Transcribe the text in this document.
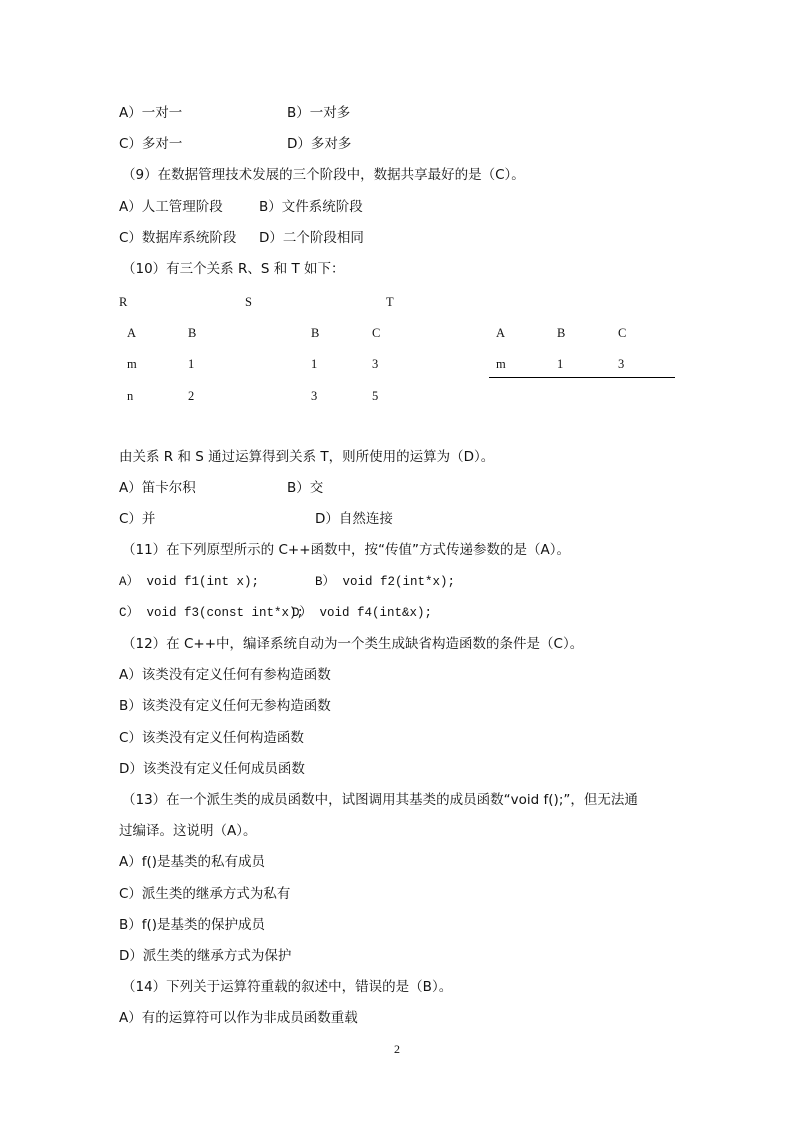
A）一对一	B）一对多
C）多对一	D）多对多
（9）在数据管理技术发展的三个阶段中，数据共享最好的是（C）。
A）人工管理阶段	B）文件系统阶段
C）数据库系统阶段 D）二个阶段相同
（10）有三个关系 R、S 和 T 如下：
R	S	T
A	B
m	1
n	2
B	C
1	3
3	5
A	B	C
m	1	3
由关系 R 和 S 通过运算得到关系 T，则所使用的运算为（D）。
A）笛卡尔积	B）交
C）并	D）自然连接
（11）在下列原型所示的 C++函数中，按“传值”方式传递参数的是（A）。
A） void f1(int x);	B） void f2(int*x);
C） void f3(const int*x);
D） void f4(int&x);
（12）在 C++中，编译系统自动为一个类生成缺省构造函数的条件是（C）。
A）该类没有定义任何有参构造函数
B）该类没有定义任何无参构造函数
C）该类没有定义任何构造函数
D）该类没有定义任何成员函数
（13）在一个派生类的成员函数中，试图调用其基类的成员函数“void f();”，但无法通
过编译。这说明（A）。
A）f()是基类的私有成员
C）派生类的继承方式为私有
B）f()是基类的保护成员
D）派生类的继承方式为保护
（14）下列关于运算符重载的叙述中，错误的是（B）。
A）有的运算符可以作为非成员函数重载
2
